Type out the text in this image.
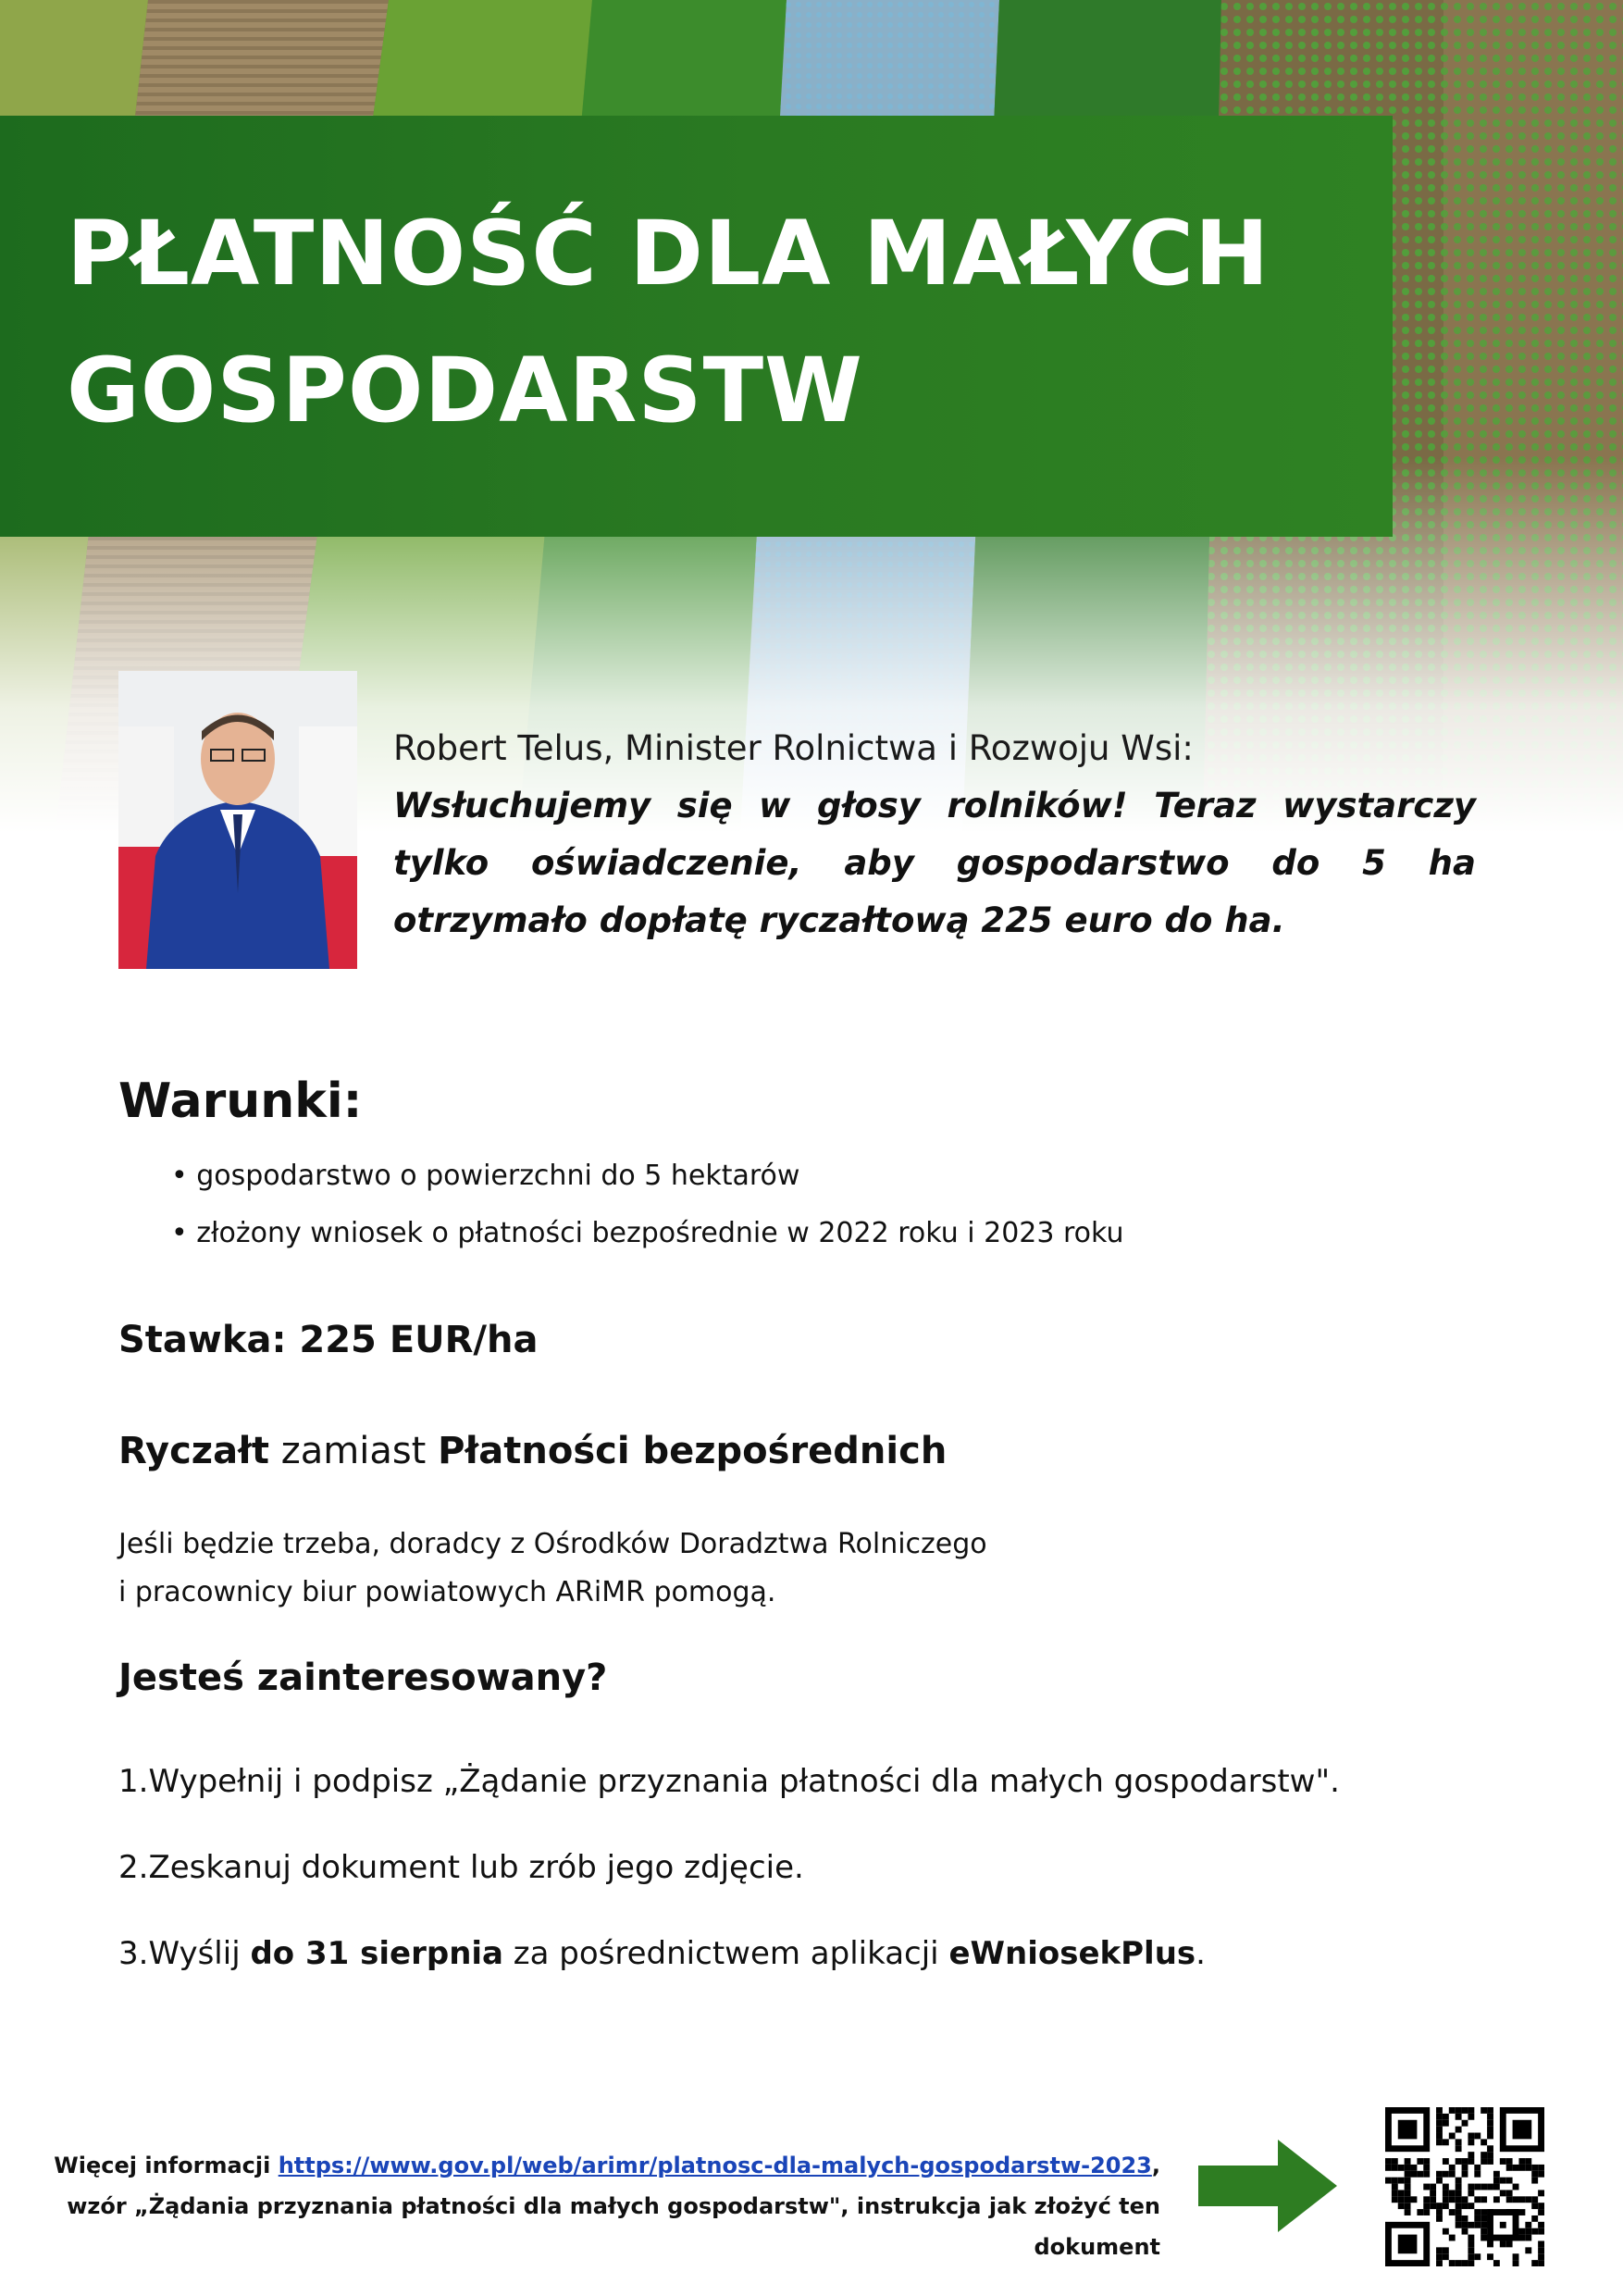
PŁATNOŚĆ DLA MAŁYCH
GOSPODARSTW
Robert Telus, Minister Rolnictwa i Rozwoju Wsi:
Wsłuchujemy się w głosy rolników! Teraz wystarczy tylko oświadczenie, aby gospodarstwo do 5 ha otrzymało dopłatę ryczałtową 225 euro do ha.
Warunki:
• gospodarstwo o powierzchni do 5 hektarów
• złożony wniosek o płatności bezpośrednie w 2022 roku i 2023 roku
Stawka: 225 EUR/ha
Ryczałt zamiast Płatności bezpośrednich
Jeśli będzie trzeba, doradcy z Ośrodków Doradztwa Rolniczego
i pracownicy biur powiatowych ARiMR pomogą.
Jesteś zainteresowany?
1.Wypełnij i podpisz „Żądanie przyznania płatności dla małych gospodarstw".
2.Zeskanuj dokument lub zrób jego zdjęcie.
3.Wyślij do 31 sierpnia za pośrednictwem aplikacji eWniosekPlus.
Więcej informacji https://www.gov.pl/web/arimr/platnosc-dla-malych-gospodarstw-2023,
wzór „Żądania przyznania płatności dla małych gospodarstw", instrukcja jak złożyć ten dokument
